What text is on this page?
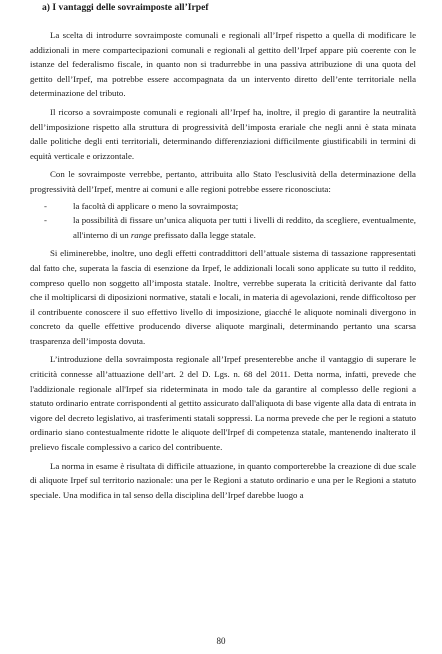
a) I vantaggi delle sovraimposte all’Irpef

La scelta di introdurre sovraimposte comunali e regionali all’Irpef rispetto a quella di modificare le addizionali in mere compartecipazioni comunali e regionali al gettito dell’Irpef appare più coerente con le istanze del federalismo fiscale, in quanto non si tradurrebbe in una passiva attribuzione di una quota del gettito dell’Irpef, ma potrebbe essere accompagnata da un intervento diretto dell’ente territoriale nella determinazione del tributo.

Il ricorso a sovraimposte comunali e regionali all’Irpef ha, inoltre, il pregio di garantire la neutralità dell’imposizione rispetto alla struttura di progressività dell’imposta erariale che negli anni è stata minata dalle politiche degli enti territoriali, determinando differenziazioni difficilmente giustificabili in termini di equità verticale e orizzontale.

Con le sovraimposte verrebbe, pertanto, attribuita allo Stato l'esclusività della determinazione della progressività dell’Irpef, mentre ai comuni e alle regioni potrebbe essere riconosciuta:

-	la facoltà di applicare o meno la sovraimposta;
-	la possibilità di fissare un’unica aliquota per tutti i livelli di reddito, da scegliere, eventualmente, all'interno di un range prefissato dalla legge statale.

Si eliminerebbe, inoltre, uno degli effetti contraddittori dell’attuale sistema di tassazione rappresentati dal fatto che, superata la fascia di esenzione da Irpef, le addizionali locali sono applicate su tutto il reddito, compreso quello non soggetto all’imposta statale. Inoltre, verrebbe superata la criticità derivante dal fatto che il moltiplicarsi di diposizioni normative, statali e locali, in materia di agevolazioni, rende difficoltoso per il contribuente conoscere il suo effettivo livello di imposizione, giacché le aliquote nominali divergono in concreto da quelle effettive producendo diverse aliquote marginali, determinando pertanto una scarsa trasparenza dell’imposta dovuta.

L’introduzione della sovraimposta regionale all’Irpef presenterebbe anche il vantaggio di superare le criticità connesse all’attuazione dell’art. 2 del D. Lgs. n. 68 del 2011. Detta norma, infatti, prevede che l'addizionale regionale all'Irpef sia rideterminata in modo tale da garantire al complesso delle regioni a statuto ordinario entrate corrispondenti al gettito assicurato dall'aliquota di base vigente alla data di entrata in vigore del decreto legislativo, ai trasferimenti statali soppressi. La norma prevede che per le regioni a statuto ordinario siano contestualmente ridotte le aliquote dell'Irpef di competenza statale, mantenendo inalterato il prelievo fiscale complessivo a carico del contribuente.

La norma in esame è risultata di difficile attuazione, in quanto comporterebbe la creazione di due scale di aliquote Irpef sul territorio nazionale: una per le Regioni a statuto ordinario e una per le Regioni a statuto speciale. Una modifica in tal senso della disciplina dell’Irpef darebbe luogo a

80
